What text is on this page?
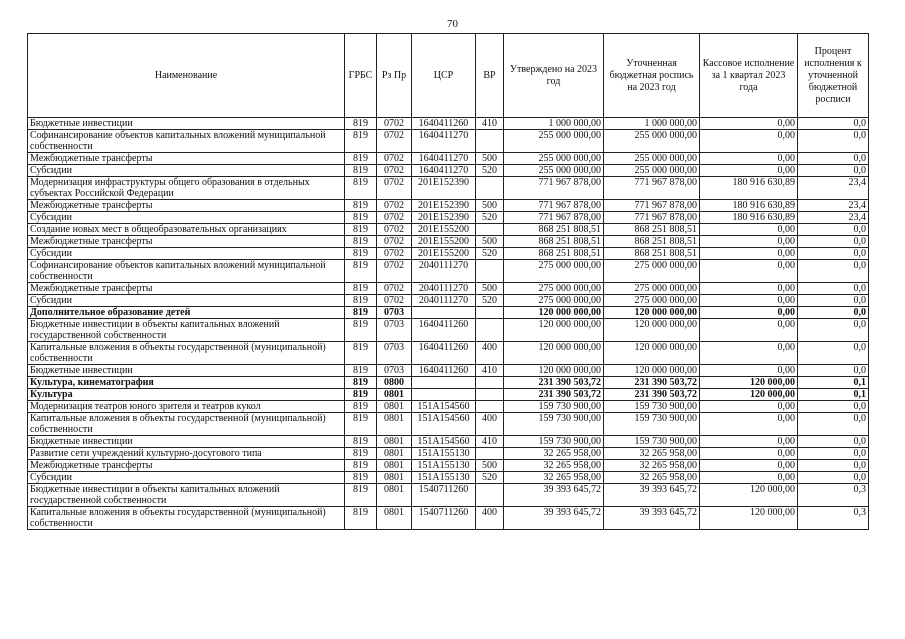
70
Наименование	ГРБС	Рз Пр	ЦСР	ВР	Утверждено на 2023 год	Уточненная бюджетная роспись на 2023 год	Кассовое исполнение за 1 квартал 2023 года	Процент исполнения к уточненной бюджетной росписи
Бюджетные инвестиции	819	0702	1640411260	410	1 000 000,00	1 000 000,00	0,00	0,0
Софинансирование объектов капитальных вложений муниципальной собственности	819	0702	1640411270		255 000 000,00	255 000 000,00	0,00	0,0
Межбюджетные трансферты	819	0702	1640411270	500	255 000 000,00	255 000 000,00	0,00	0,0
Субсидии	819	0702	1640411270	520	255 000 000,00	255 000 000,00	0,00	0,0
Модернизация инфраструктуры общего образования в отдельных субъектах Российской Федерации	819	0702	201Е152390		771 967 878,00	771 967 878,00	180 916 630,89	23,4
Межбюджетные трансферты	819	0702	201Е152390	500	771 967 878,00	771 967 878,00	180 916 630,89	23,4
Субсидии	819	0702	201Е152390	520	771 967 878,00	771 967 878,00	180 916 630,89	23,4
Создание новых мест в общеобразовательных организациях	819	0702	201Е155200		868 251 808,51	868 251 808,51	0,00	0,0
Межбюджетные трансферты	819	0702	201Е155200	500	868 251 808,51	868 251 808,51	0,00	0,0
Субсидии	819	0702	201Е155200	520	868 251 808,51	868 251 808,51	0,00	0,0
Софинансирование объектов капитальных вложений муниципальной собственности	819	0702	2040111270		275 000 000,00	275 000 000,00	0,00	0,0
Межбюджетные трансферты	819	0702	2040111270	500	275 000 000,00	275 000 000,00	0,00	0,0
Субсидии	819	0702	2040111270	520	275 000 000,00	275 000 000,00	0,00	0,0
Дополнительное образование детей	819	0703			120 000 000,00	120 000 000,00	0,00	0,0
Бюджетные инвестиции в объекты капитальных вложений государственной собственности	819	0703	1640411260		120 000 000,00	120 000 000,00	0,00	0,0
Капитальные вложения в объекты государственной (муниципальной) собственности	819	0703	1640411260	400	120 000 000,00	120 000 000,00	0,00	0,0
Бюджетные инвестиции	819	0703	1640411260	410	120 000 000,00	120 000 000,00	0,00	0,0
Культура, кинематография	819	0800			231 390 503,72	231 390 503,72	120 000,00	0,1
Культура	819	0801			231 390 503,72	231 390 503,72	120 000,00	0,1
Модернизация театров юного зрителя и театров кукол	819	0801	151А154560		159 730 900,00	159 730 900,00	0,00	0,0
Капитальные вложения в объекты государственной (муниципальной) собственности	819	0801	151А154560	400	159 730 900,00	159 730 900,00	0,00	0,0
Бюджетные инвестиции	819	0801	151А154560	410	159 730 900,00	159 730 900,00	0,00	0,0
Развитие сети учреждений культурно-досугового типа	819	0801	151А155130		32 265 958,00	32 265 958,00	0,00	0,0
Межбюджетные трансферты	819	0801	151А155130	500	32 265 958,00	32 265 958,00	0,00	0,0
Субсидии	819	0801	151А155130	520	32 265 958,00	32 265 958,00	0,00	0,0
Бюджетные инвестиции в объекты капитальных вложений государственной собственности	819	0801	1540711260		39 393 645,72	39 393 645,72	120 000,00	0,3
Капитальные вложения в объекты государственной (муниципальной) собственности	819	0801	1540711260	400	39 393 645,72	39 393 645,72	120 000,00	0,3
